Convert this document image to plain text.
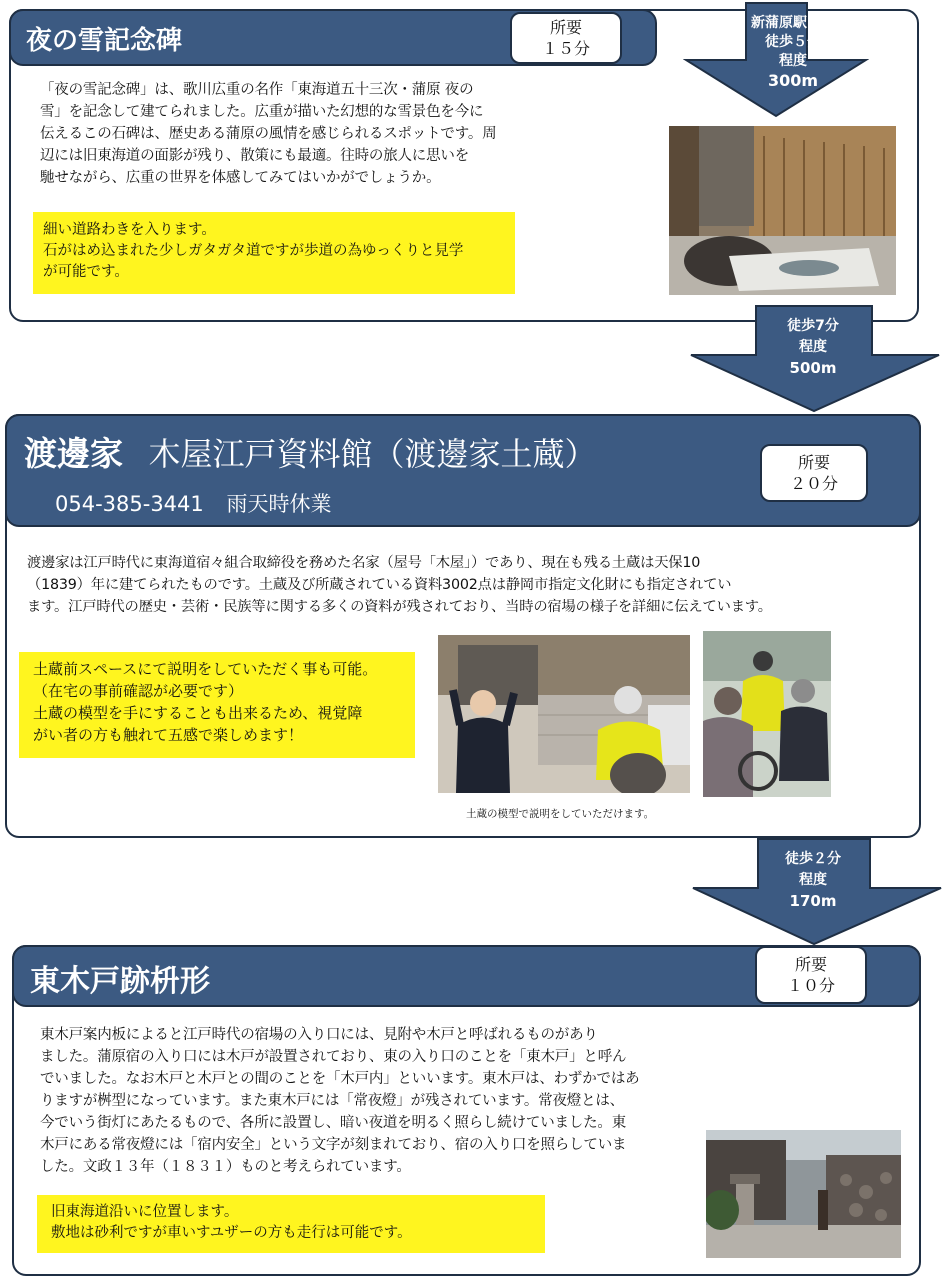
夜の雪記念碑	所要
１５分
「夜の雪記念碑」は、歌川広重の名作「東海道五十三次・蒲原 夜の
雪」を記念して建てられました。広重が描いた幻想的な雪景色を今に
伝えるこの石碑は、歴史ある蒲原の風情を感じられるスポットです。周
辺には旧東海道の面影が残り、散策にも最適。往時の旅人に思いを
馳せながら、広重の世界を体感してみてはいかがでしょうか。
細い道路わきを入ります。
石がはめ込まれた少しガタガタ道ですが歩道の為ゆっくりと見学
が可能です。
新蒲原駅より
徒歩５分
程度
300m
徒歩7分
程度
500m
渡邊家 木屋江戸資料館（渡邊家土蔵）
054-385-3441 雨天時休業
所要
２０分
渡邊家は江戸時代に東海道宿々組合取締役を務めた名家（屋号「木屋」）であり、現在も残る土蔵は天保10
（1839）年に建てられたものです。土蔵及び所蔵されている資料3002点は静岡市指定文化財にも指定されてい
ます。江戸時代の歴史・芸術・民族等に関する多くの資料が残されており、当時の宿場の様子を詳細に伝えています。
土蔵前スペースにて説明をしていただく事も可能。
（在宅の事前確認が必要です）
土蔵の模型を手にすることも出来るため、視覚障
がい者の方も触れて五感で楽しめます！
土蔵の模型で説明をしていただけます。
徒歩２分
程度
170m
東木戸跡枡形	所要
１０分
東木戸案内板によると江戸時代の宿場の入り口には、見附や木戸と呼ばれるものがあり
ました。蒲原宿の入り口には木戸が設置されており、東の入り口のことを「東木戸」と呼ん
でいました。なお木戸と木戸との間のことを「木戸内」といいます。東木戸は、わずかではあ
りますが桝型になっています。また東木戸には「常夜燈」が残されています。常夜燈とは、
今でいう街灯にあたるもので、各所に設置し、暗い夜道を明るく照らし続けていました。東
木戸にある常夜燈には「宿内安全」という文字が刻まれており、宿の入り口を照らしていま
した。文政１３年（１８３１）ものと考えられています。
旧東海道沿いに位置します。
敷地は砂利ですが車いすユザーの方も走行は可能です。
